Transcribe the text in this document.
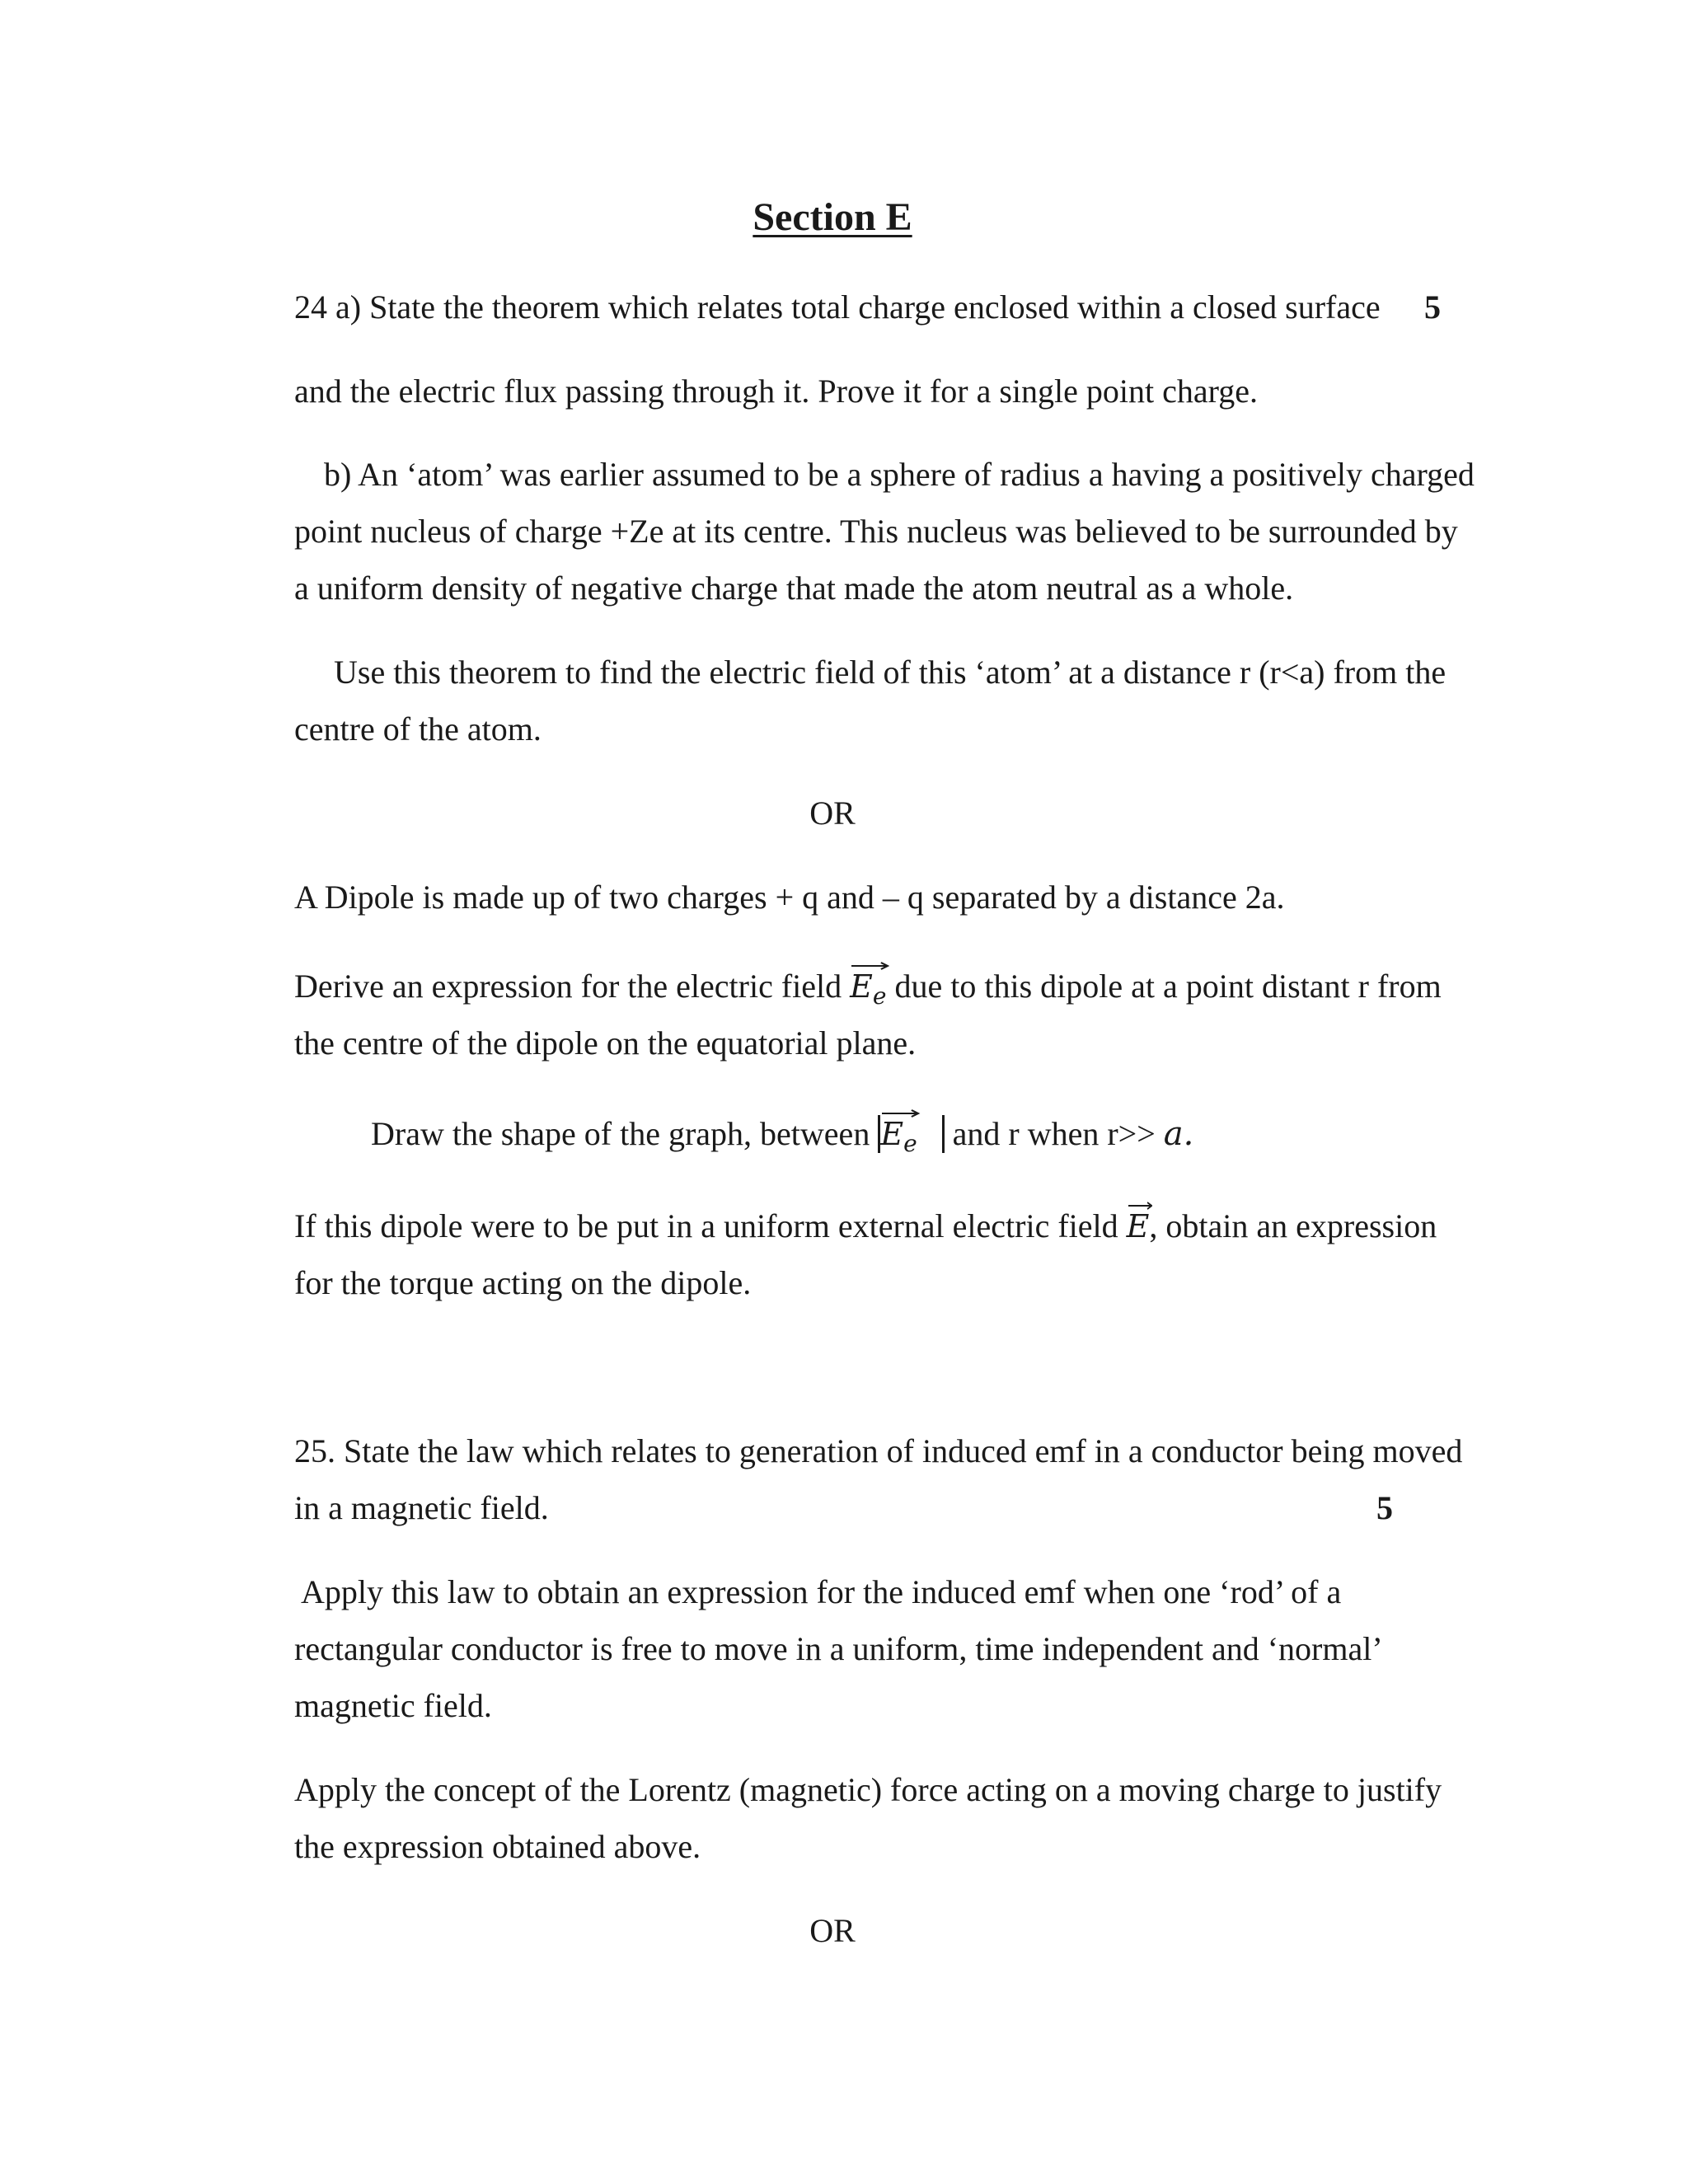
Section E
24 a) State the theorem which relates total charge enclosed within a closed surface 5
and the electric flux passing through it. Prove it for a single point charge.
b) An ‘atom’ was earlier assumed to be a sphere of radius a having a positively charged
point nucleus of charge +Ze at its centre. This nucleus was believed to be surrounded by
a uniform density of negative charge that made the atom neutral as a whole.
Use this theorem to find the electric field of this ‘atom’ at a distance r (r<a) from the
centre of the atom.
OR
A Dipole is made up of two charges + q and – q separated by a distance 2a.
Derive an expression for the electric field $E_e$ due to this dipole at a point distant r from
the centre of the dipole on the equatorial plane.
Draw the shape of the graph, between $E_e$ and r when r>> a.
If this dipole were to be put in a uniform external electric field E, obtain an expression
for the torque acting on the dipole.
25. State the law which relates to generation of induced emf in a conductor being moved
in a magnetic field.	5
Apply this law to obtain an expression for the induced emf when one ‘rod’ of a
rectangular conductor is free to move in a uniform, time independent and ‘normal’
magnetic field.
Apply the concept of the Lorentz (magnetic) force acting on a moving charge to justify
the expression obtained above.
OR
